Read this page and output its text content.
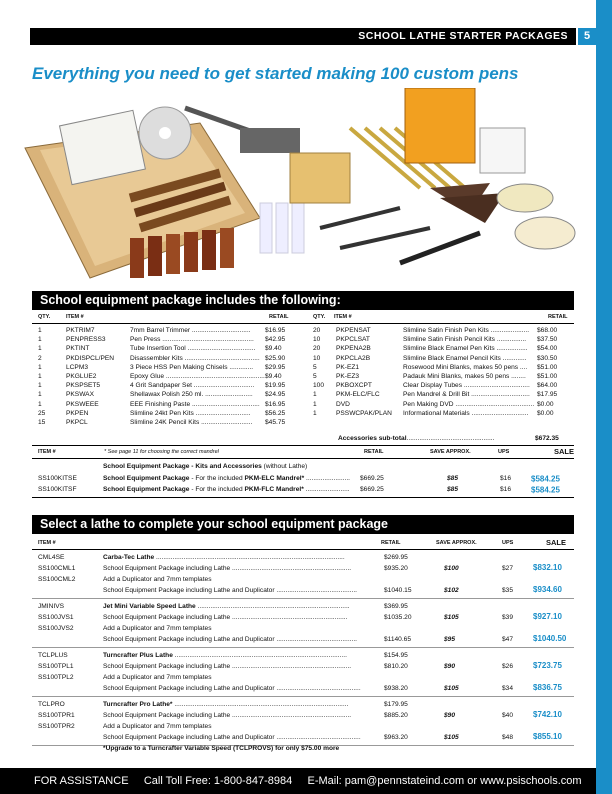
SCHOOL LATHE STARTER PACKAGES	5
Everything you need to get started making 100 custom pens
School equipment package includes the following:
QTY.	ITEM #	RETAIL	QTY. ITEM #	RETAIL
1	PKTRIM7	7mm Barrel Trimmer ................................ $16.95
1	PENPRESS3	Pen Press .................................................. $42.95
1	PKTINT	Tube Insertion Tool ..................................... $9.40
2	PKDISPCL/PEN Disassembler Kits ......................................... $25.90
1	LCPM3	3 Piece HSS Pen Making Chisels ............. $29.95
1	PKGLUE2	Epoxy Glue ...................................................... $9.40
1	PKSPSET5	4 Grit Sandpaper Set ................................. $19.95
1	PKSWAX	Shellawax Polish 250 ml. .......................... $24.95
1	PKSWEEE	EEE Finishing Paste ..................................... $16.95
25	PKPEN	Slimline 24kt Pen Kits .............................. $56.25
15	PKPCL	Slimline 24K Pencil Kits ............................ $45.75
20 PKPENSAT	Slimline Satin Finish Pen Kits ..................... $68.00
10 PKPCLSAT	Slimline Satin Finish Pencil Kits ................ $37.50
20 PKPENA2B	Slimline Black Enamel Pen Kits ................. $54.00
10 PKPCLA2B	Slimline Black Enamel Pencil Kits ............. $30.50
5	PK-EZ1	Rosewood Mini Blanks, makes 50 pens .... $51.00
5	PK-EZ3	Padauk Mini Blanks, makes 50 pens ........ $51.00
100 PKBOXCPT	Clear Display Tubes .................................... $64.00
1	PKM-ELC/FLC	Pen Mandrel & Drill Bit ................................ $17.95
1	DVD	Pen Making DVD ........................................... $0.00
1	PSSWCPAK/PLAN Informational Materials ............................... $0.00
Accessories sub-total................................................	$672.35
ITEM #	* See page 11 for choosing the correct mandrel	RETAIL	SAVE APPROX.	UPS	SALE
School Equipment Package - Kits and Accessories (without Lathe)
SS100KITSE	School Equipment Package - For the included PKM-ELC Mandrel* ........................ $669.25	$85	$16 $584.25
SS100KITSF	School Equipment Package - For the included PKM-FLC Mandrel* ........................ $669.25	$85	$16 $584.25
Select a lathe to complete your school equipment package
ITEM #	RETAIL	SAVE APPROX.	UPS	SALE
CML4SE	Carba-Tec Lathe .......................................................................................................	$269.95
SS100CML1	School Equipment Package including Lathe .................................................................	$935.20	$100	$27 $832.10
SS100CML2	Add a Duplicator and 7mm templates
School Equipment Package including Lathe and Duplicator ............................................	$1040.15	$102	$35 $934.60
JMINIVS	Jet Mini Variable Speed Lathe ...................................................................................	$369.95
SS100JVS1	School Equipment Package including Lathe ...............................................................	$1035.20	$105	$39 $927.10
SS100JVS2	Add a Duplicator and 7mm templates
School Equipment Package including Lathe and Duplicator ............................................	$1140.65	$95	$47 $1040.50
TCLPLUS	Turncrafter Plus Lathe ..............................................................................................	$154.95
SS100TPL1	School Equipment Package including Lathe .................................................................	$810.20	$90	$26 $723.75
SS100TPL2	Add a Duplicator and 7mm templates
School Equipment Package including Lathe and Duplicator ..............................................	$938.20	$105	$34 $836.75
TCLPRO	Turncrafter Pro Lathe* ...............................................................................................	$179.95
SS100TPR1	School Equipment Package including Lathe .................................................................	$885.20	$90	$40 $742.10
SS100TPR2	Add a Duplicator and 7mm templates
School Equipment Package including Lathe and Duplicator ..............................................	$963.20	$105	$48 $855.10
*Upgrade to a Turncrafter Variable Speed (TCLPROVS) for only $75.00 more
FOR ASSISTANCE Call Toll Free: 1-800-847-8984 E-Mail: pam@pennstateind.com or www.psischools.com
